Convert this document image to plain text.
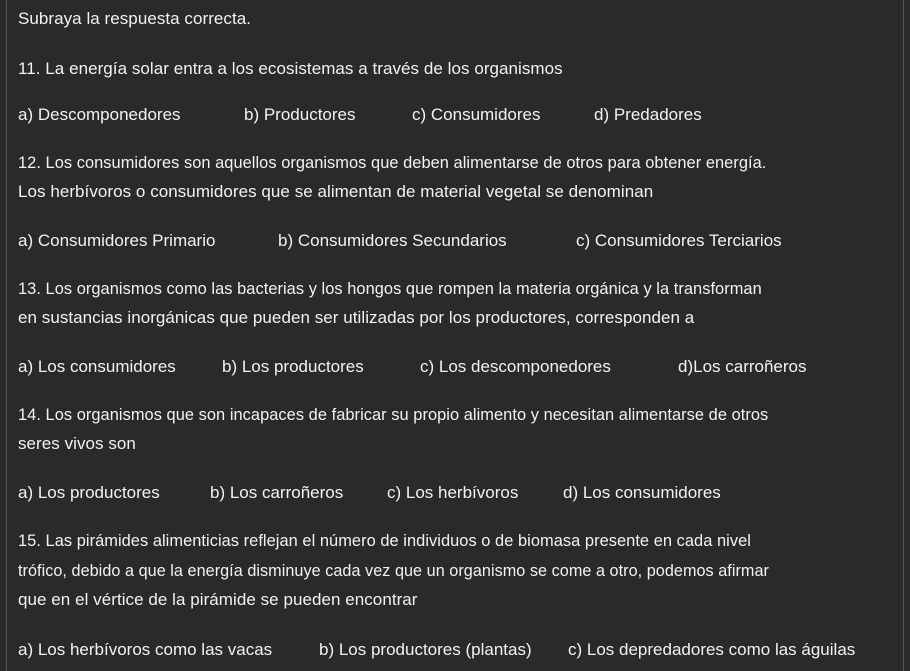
Subraya la respuesta correcta.
11. La energía solar entra a los ecosistemas a través de los organismos
a) Descomponedores	b) Productores	c) Consumidores	d) Predadores
12. Los consumidores son aquellos organismos que deben alimentarse de otros para obtener energía.
Los herbívoros o consumidores que se alimentan de material vegetal se denominan
a) Consumidores Primario	b) Consumidores Secundarios	c) Consumidores Terciarios
13. Los organismos como las bacterias y los hongos que rompen la materia orgánica y la transforman
en sustancias inorgánicas que pueden ser utilizadas por los productores, corresponden a
a) Los consumidores	b) Los productores	c) Los descomponedores	d)Los carroñeros
14. Los organismos que son incapaces de fabricar su propio alimento y necesitan alimentarse de otros
seres vivos son
a) Los productores	b) Los carroñeros	c) Los herbívoros	d) Los consumidores
15. Las pirámides alimenticias reflejan el número de individuos o de biomasa presente en cada nivel
trófico, debido a que la energía disminuye cada vez que un organismo se come a otro, podemos afirmar
que en el vértice de la pirámide se pueden encontrar
a) Los herbívoros como las vacas	b) Los productores (plantas) c) Los depredadores como las águilas
